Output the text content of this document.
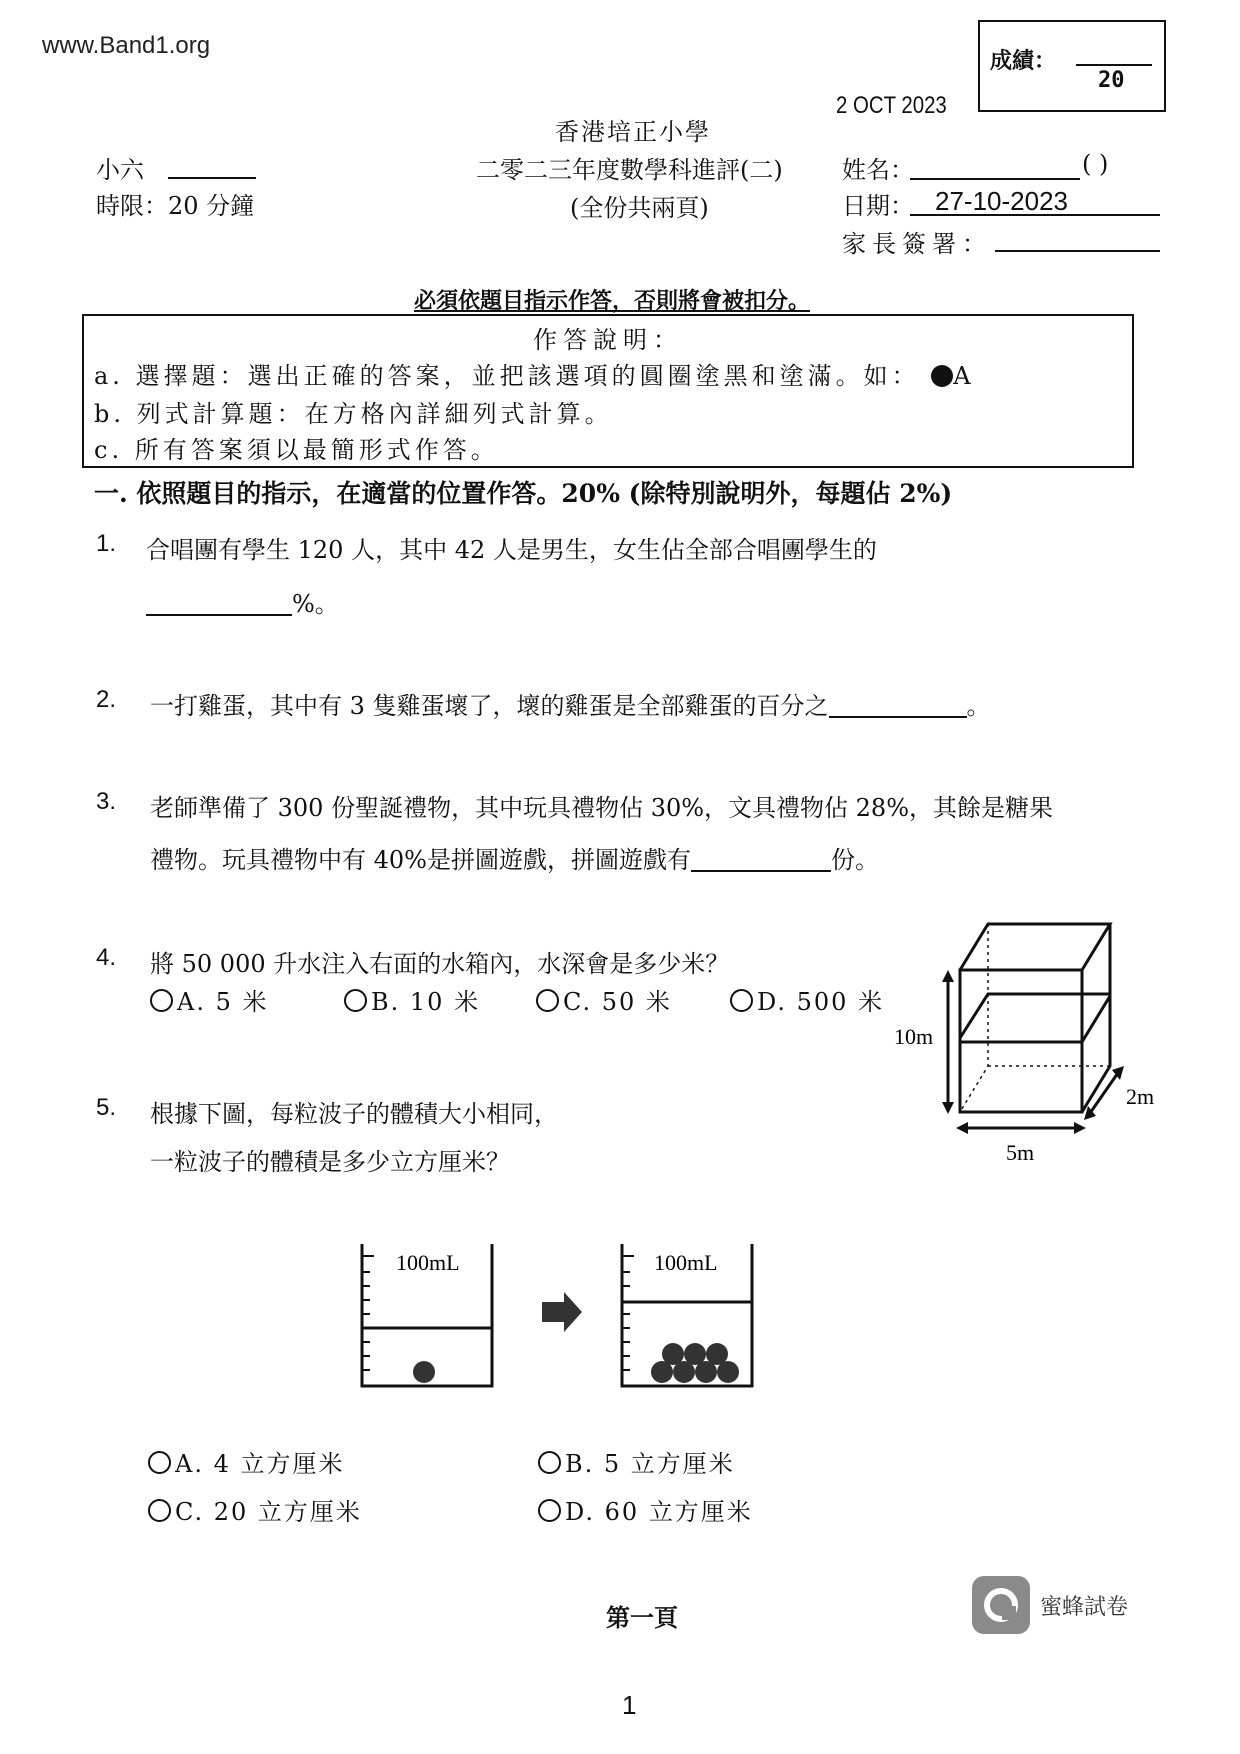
www.Band1.org
成績：
20
2 OCT 2023
香港培正小學
二零二三年度數學科進評(二)
(全份共兩頁)
小六
時限：20 分鐘
姓名：	( )
日期： 27-10-2023
家長簽署：
必須依題目指示作答，否則將會被扣分。
作答說明：
a. 選擇題：選出正確的答案，並把該選項的圓圈塗黑和塗滿。如： A
b. 列式計算題：在方格內詳細列式計算。
c. 所有答案須以最簡形式作答。
一. 依照題目的指示，在適當的位置作答。20% (除特別說明外，每題佔 2%)
1. 合唱團有學生 120 人，其中 42 人是男生，女生佔全部合唱團學生的
%。
2. 一打雞蛋，其中有 3 隻雞蛋壞了，壞的雞蛋是全部雞蛋的百分之	。
3. 老師準備了 300 份聖誕禮物，其中玩具禮物佔 30%，文具禮物佔 28%，其餘是糖果
禮物。玩具禮物中有 40%是拼圖遊戲，拼圖遊戲有	份。
4. 將 50 000 升水注入右面的水箱內，水深會是多少米？
A. 5 米	B. 10 米	C. 50 米	D. 500 米
10m
5m
2m
5. 根據下圖，每粒波子的體積大小相同，
一粒波子的體積是多少立方厘米？
100mL	100mL
A. 4 立方厘米	B. 5 立方厘米
C. 20 立方厘米	D. 60 立方厘米
第一頁	蜜蜂試卷
1
